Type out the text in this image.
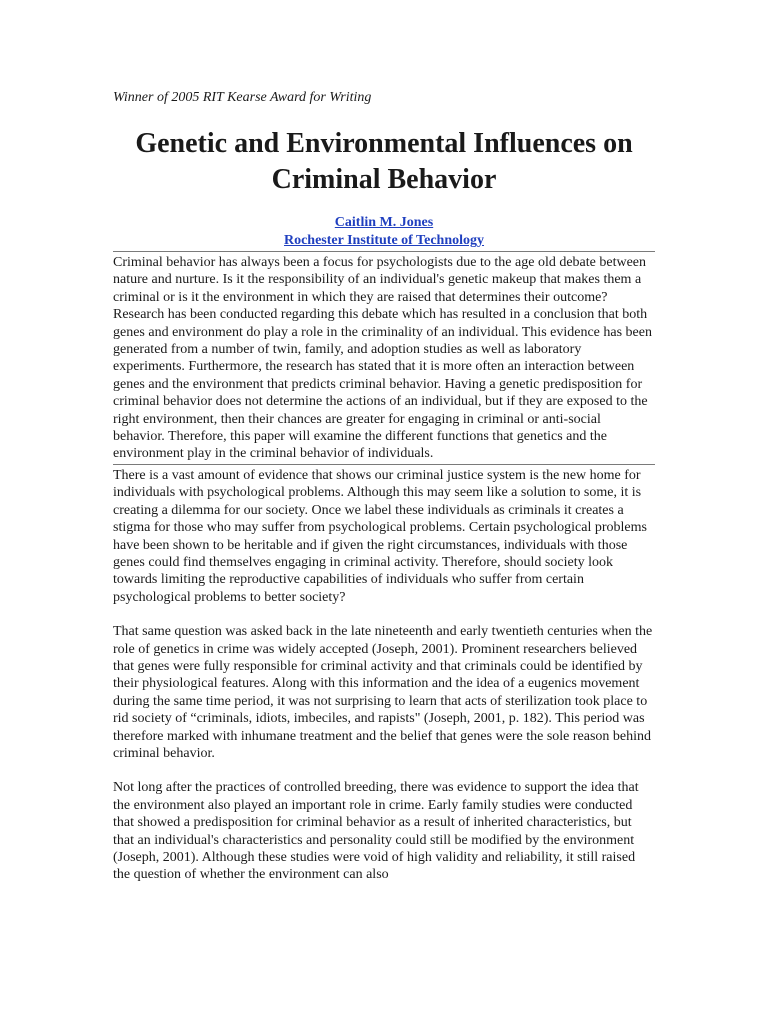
Winner of 2005 RIT Kearse Award for Writing

Genetic and Environmental Influences on
Criminal Behavior
Caitlin M. Jones
Rochester Institute of Technology

Criminal behavior has always been a focus for psychologists due to the age old debate between nature and nurture. Is it the responsibility of an individual's genetic makeup that makes them a criminal or is it the environment in which they are raised that determines their outcome? Research has been conducted regarding this debate which has resulted in a conclusion that both genes and environment do play a role in the criminality of an individual. This evidence has been generated from a number of twin, family, and adoption studies as well as laboratory experiments. Furthermore, the research has stated that it is more often an interaction between genes and the environment that predicts criminal behavior. Having a genetic predisposition for criminal behavior does not determine the actions of an individual, but if they are exposed to the right environment, then their chances are greater for engaging in criminal or anti-social behavior. Therefore, this paper will examine the different functions that genetics and the environment play in the criminal behavior of individuals.

There is a vast amount of evidence that shows our criminal justice system is the new home for individuals with psychological problems. Although this may seem like a solution to some, it is creating a dilemma for our society. Once we label these individuals as criminals it creates a stigma for those who may suffer from psychological problems. Certain psychological problems have been shown to be heritable and if given the right circumstances, individuals with those genes could find themselves engaging in criminal activity. Therefore, should society look towards limiting the reproductive capabilities of individuals who suffer from certain psychological problems to better society?

That same question was asked back in the late nineteenth and early twentieth centuries when the role of genetics in crime was widely accepted (Joseph, 2001). Prominent researchers believed that genes were fully responsible for criminal activity and that criminals could be identified by their physiological features. Along with this information and the idea of a eugenics movement during the same time period, it was not surprising to learn that acts of sterilization took place to rid society of “criminals, idiots, imbeciles, and rapists" (Joseph, 2001, p. 182). This period was therefore marked with inhumane treatment and the belief that genes were the sole reason behind criminal behavior.

Not long after the practices of controlled breeding, there was evidence to support the idea that the environment also played an important role in crime. Early family studies were conducted that showed a predisposition for criminal behavior as a result of inherited characteristics, but that an individual's characteristics and personality could still be modified by the environment (Joseph, 2001). Although these studies were void of high validity and reliability, it still raised the question of whether the environment can also
